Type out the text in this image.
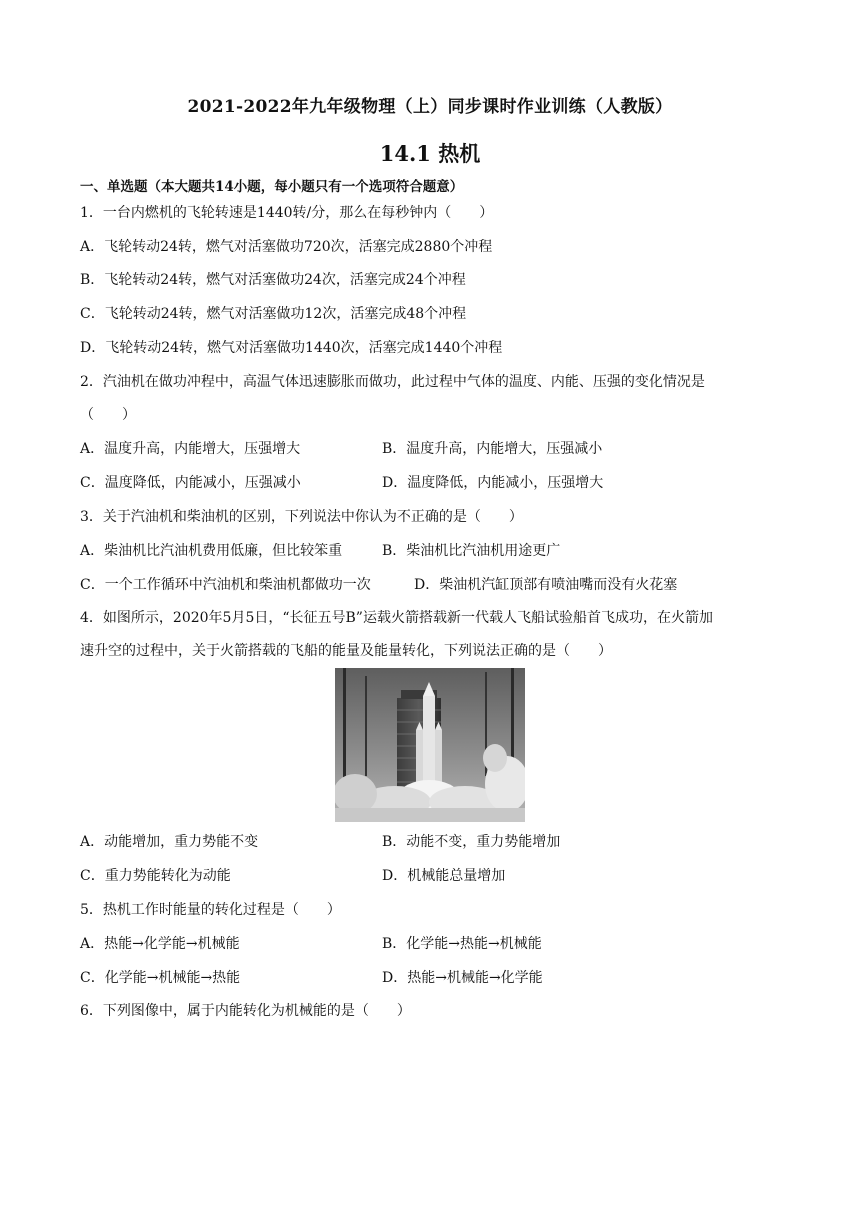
2021-2022年九年级物理（上）同步课时作业训练（人教版）
14.1 热机
一、单选题（本大题共14小题，每小题只有一个选项符合题意）
1．一台内燃机的飞轮转速是1440转/分，那么在每秒钟内（　　）
A．飞轮转动24转，燃气对活塞做功720次，活塞完成2880个冲程
B．飞轮转动24转，燃气对活塞做功24次，活塞完成24个冲程
C．飞轮转动24转，燃气对活塞做功12次，活塞完成48个冲程
D．飞轮转动24转，燃气对活塞做功1440次，活塞完成1440个冲程
2．汽油机在做功冲程中，高温气体迅速膨胀而做功，此过程中气体的温度、内能、压强的变化情况是
（　　）
A．温度升高，内能增大，压强增大	B．温度升高，内能增大，压强减小
C．温度降低，内能减小，压强减小	D．温度降低，内能减小，压强增大
3．关于汽油机和柴油机的区别，下列说法中你认为不正确的是（　　）
A．柴油机比汽油机费用低廉，但比较笨重	B．柴油机比汽油机用途更广
C．一个工作循环中汽油机和柴油机都做功一次	D．柴油机汽缸顶部有喷油嘴而没有火花塞
4．如图所示，2020年5月5日，“长征五号B”运载火箭搭载新一代载人飞船试验船首飞成功，在火箭加
速升空的过程中，关于火箭搭载的飞船的能量及能量转化，下列说法正确的是（　　）
A．动能增加，重力势能不变	B．动能不变，重力势能增加
C．重力势能转化为动能	D．机械能总量增加
5．热机工作时能量的转化过程是（　　）
A．热能→化学能→机械能	B．化学能→热能→机械能
C．化学能→机械能→热能	D．热能→机械能→化学能
6．下列图像中，属于内能转化为机械能的是（　　）
